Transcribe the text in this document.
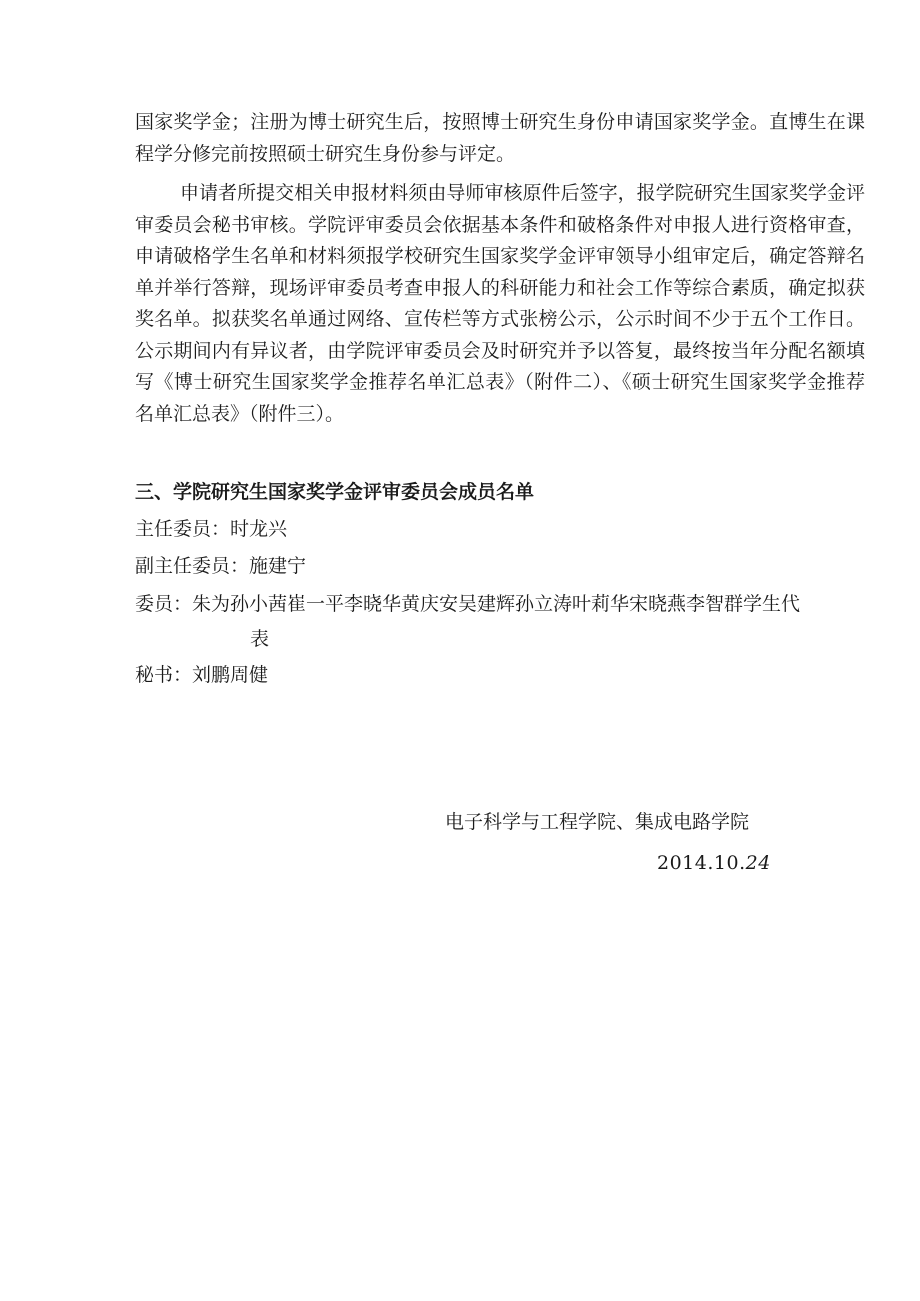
国家奖学金；注册为博士研究生后，按照博士研究生身份申请国家奖学金。直博生在课程学分修完前按照硕士研究生身份参与评定。

申请者所提交相关申报材料须由导师审核原件后签字，报学院研究生国家奖学金评审委员会秘书审核。学院评审委员会依据基本条件和破格条件对申报人进行资格审查，申请破格学生名单和材料须报学校研究生国家奖学金评审领导小组审定后，确定答辩名单并举行答辩，现场评审委员考查申报人的科研能力和社会工作等综合素质，确定拟获奖名单。拟获奖名单通过网络、宣传栏等方式张榜公示，公示时间不少于五个工作日。公示期间内有异议者，由学院评审委员会及时研究并予以答复，最终按当年分配名额填写《博士研究生国家奖学金推荐名单汇总表》（附件二）、《硕士研究生国家奖学金推荐名单汇总表》（附件三）。

三、学院研究生国家奖学金评审委员会成员名单
主任委员：时龙兴
副主任委员：施建宁
委员：朱为孙小茜崔一平李晓华黄庆安吴建辉孙立涛叶莉华宋晓燕李智群学生代
表
秘书：刘鹏周健
电子科学与工程学院、集成电路学院
2014.10.24
